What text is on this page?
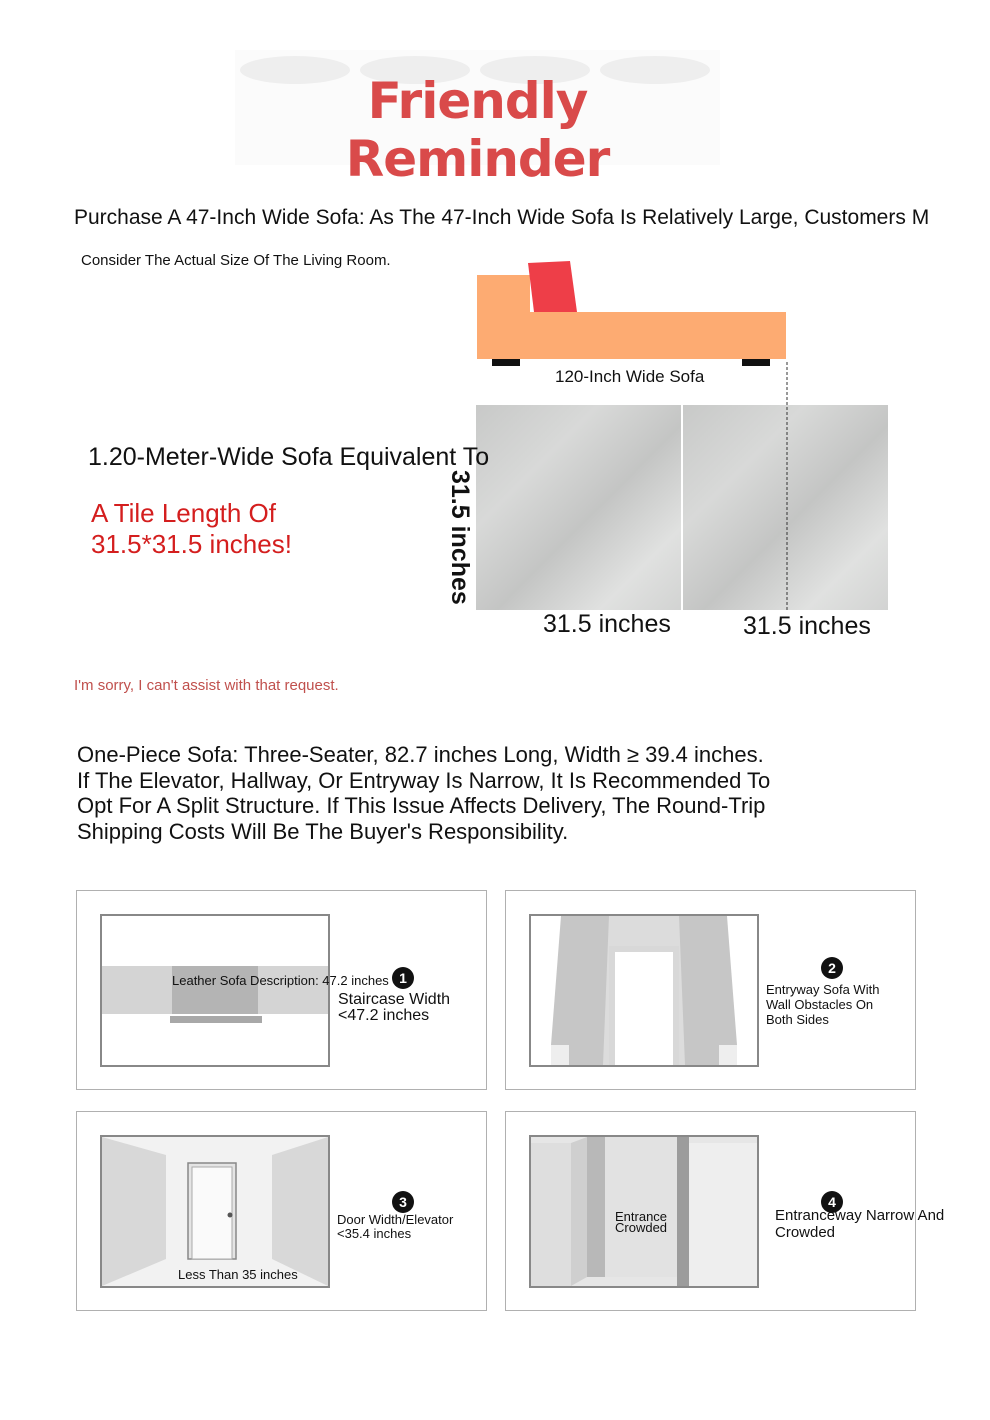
Friendly Reminder
Purchase A 47-Inch Wide Sofa: As The 47-Inch Wide Sofa Is Relatively Large, Customers M
Consider The Actual Size Of The Living Room.
120-Inch Wide Sofa
1.20-Meter-Wide Sofa Equivalent To
A Tile Length Of
31.5*31.5 inches!	31.5 inches
31.5 inches	31.5 inches
I'm sorry, I can't assist with that request.
One-Piece Sofa: Three-Seater, 82.7 inches Long, Width ≥ 39.4 inches. If The Elevator, Hallway, Or Entryway Is Narrow, It Is Recommended To Opt For A Split Structure. If This Issue Affects Delivery, The Round-Trip Shipping Costs Will Be The Buyer's Responsibility.
Leather Sofa Description: 47.2 inches 1
Staircase Width
<47.2 inches
2
Entryway Sofa With
Wall Obstacles On
Both Sides
Less Than 35 inches
3
Door Width/Elevator
<35.4 inches
Entrance
Crowded
4
Entranceway Narrow And
Crowded
